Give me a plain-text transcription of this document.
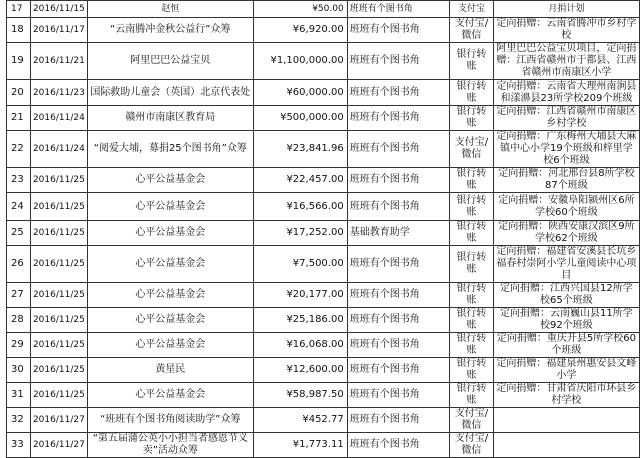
17	2016/11/15	赵恒	¥50.00	班班有个图书角	支付宝	月捐计划
18	2016/11/17	“云南腾冲金秋公益行”众筹	¥6,920.00	班班有个图书角	支付宝/微信	定向捐赠：云南省腾冲市乡村学校
19	2016/11/21	阿里巴巴公益宝贝	¥1,100,000.00	班班有个图书角	银行转账	阿里巴巴公益宝贝项目，定向捐赠：江西省赣州市于都县、江西省赣州市南康区小学
20	2016/11/23	国际救助儿童会（英国）北京代表处	¥60,000.00	班班有个图书角	银行转账	定向捐赠：云南省大理州南涧县和漾濞县23所学校209个班级
21	2016/11/24	赣州市南康区教育局	¥500,000.00	班班有个图书角	银行转账	定向捐赠：江西省赣州市南康区乡村学校
22	2016/11/24	“阅爱大埔，募捐25个图书角”众筹	¥23,841.96	班班有个图书角	支付宝/微信	定向捐赠：广东梅州大埔县大麻镇中心小学19个班级和梓里学校6个班级
23	2016/11/25	心平公益基金会	¥22,457.00	班班有个图书角	银行转账	定向捐赠：河北邢台县8所学校87个班级
24	2016/11/25	心平公益基金会	¥16,566.00	班班有个图书角	银行转账	定向捐赠：安徽阜阳颍州区6所学校60个班级
25	2016/11/25	心平公益基金会	¥17,252.00	基础教育助学	银行转账	定向捐赠：陕西安康汉滨区9所学校62个班级
26	2016/11/25	心平公益基金会	¥7,500.00	班班有个图书角	银行转账	定向捐赠：福建省安溪县长坑乡福春村崇阿小学儿童阅读中心项目
27	2016/11/25	心平公益基金会	¥20,177.00	班班有个图书角	银行转账	定向捐赠：江西兴国县12所学校65个班级
28	2016/11/25	心平公益基金会	¥25,186.00	班班有个图书角	银行转账	定向捐赠：云南巍山县11所学校92个班级
29	2016/11/25	心平公益基金会	¥16,068.00	班班有个图书角	银行转账	定向捐赠：重庆开县5所学校60个班级
30	2016/11/25	黄星民	¥12,600.00	班班有个图书角	银行转账	定向捐赠：福建泉州惠安县文峰小学
31	2016/11/25	心平公益基金会	¥58,987.50	班班有个图书角	银行转账	定向捐赠：甘肃省庆阳市环县乡村学校
32	2016/11/27	“班班有个图书角阅读助学”众筹	¥452.77	班班有个图书角	支付宝/微信	
33	2016/11/27	“第五届蒲公英小小担当者感恩节义卖”活动众筹	¥1,773.11	班班有个图书角	支付宝/微信	
